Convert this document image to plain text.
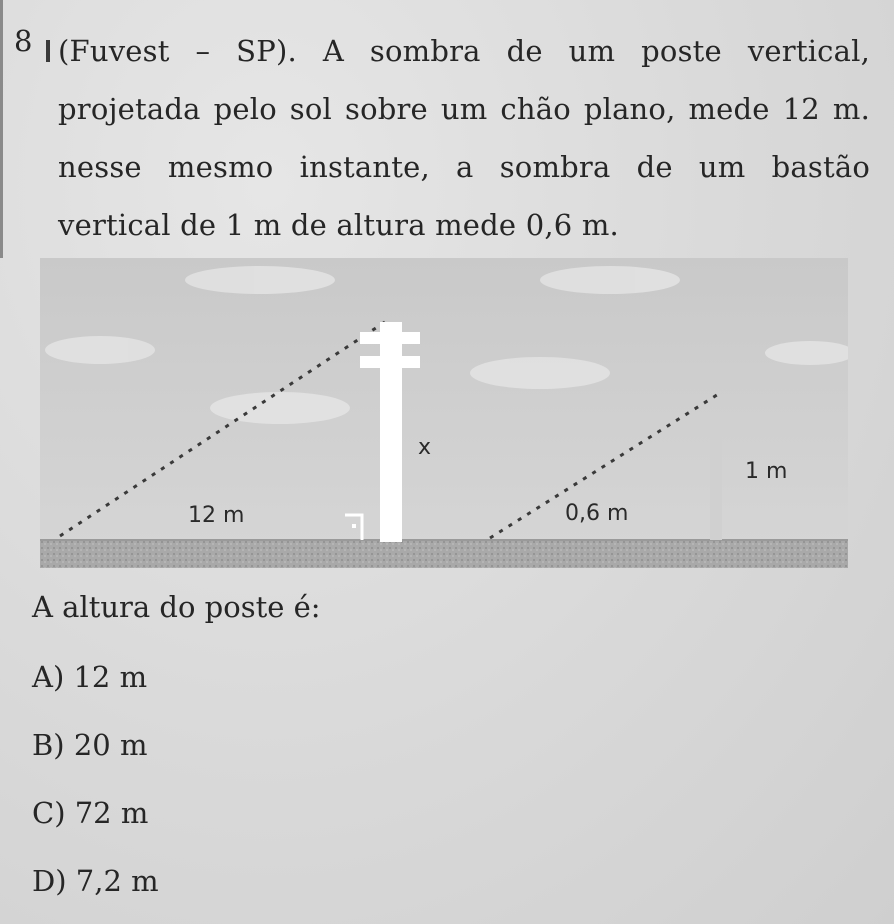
8 (Fuvest – SP). A sombra de um poste vertical, projetada pelo sol sobre um chão plano, mede 12 m. nesse mesmo instante, a sombra de um bastão vertical de 1 m de altura mede 0,6 m.
12 m
x
1 m
0,6 m
A altura do poste é:
A) 12 m
B) 20 m
C) 72 m
D) 7,2 m
